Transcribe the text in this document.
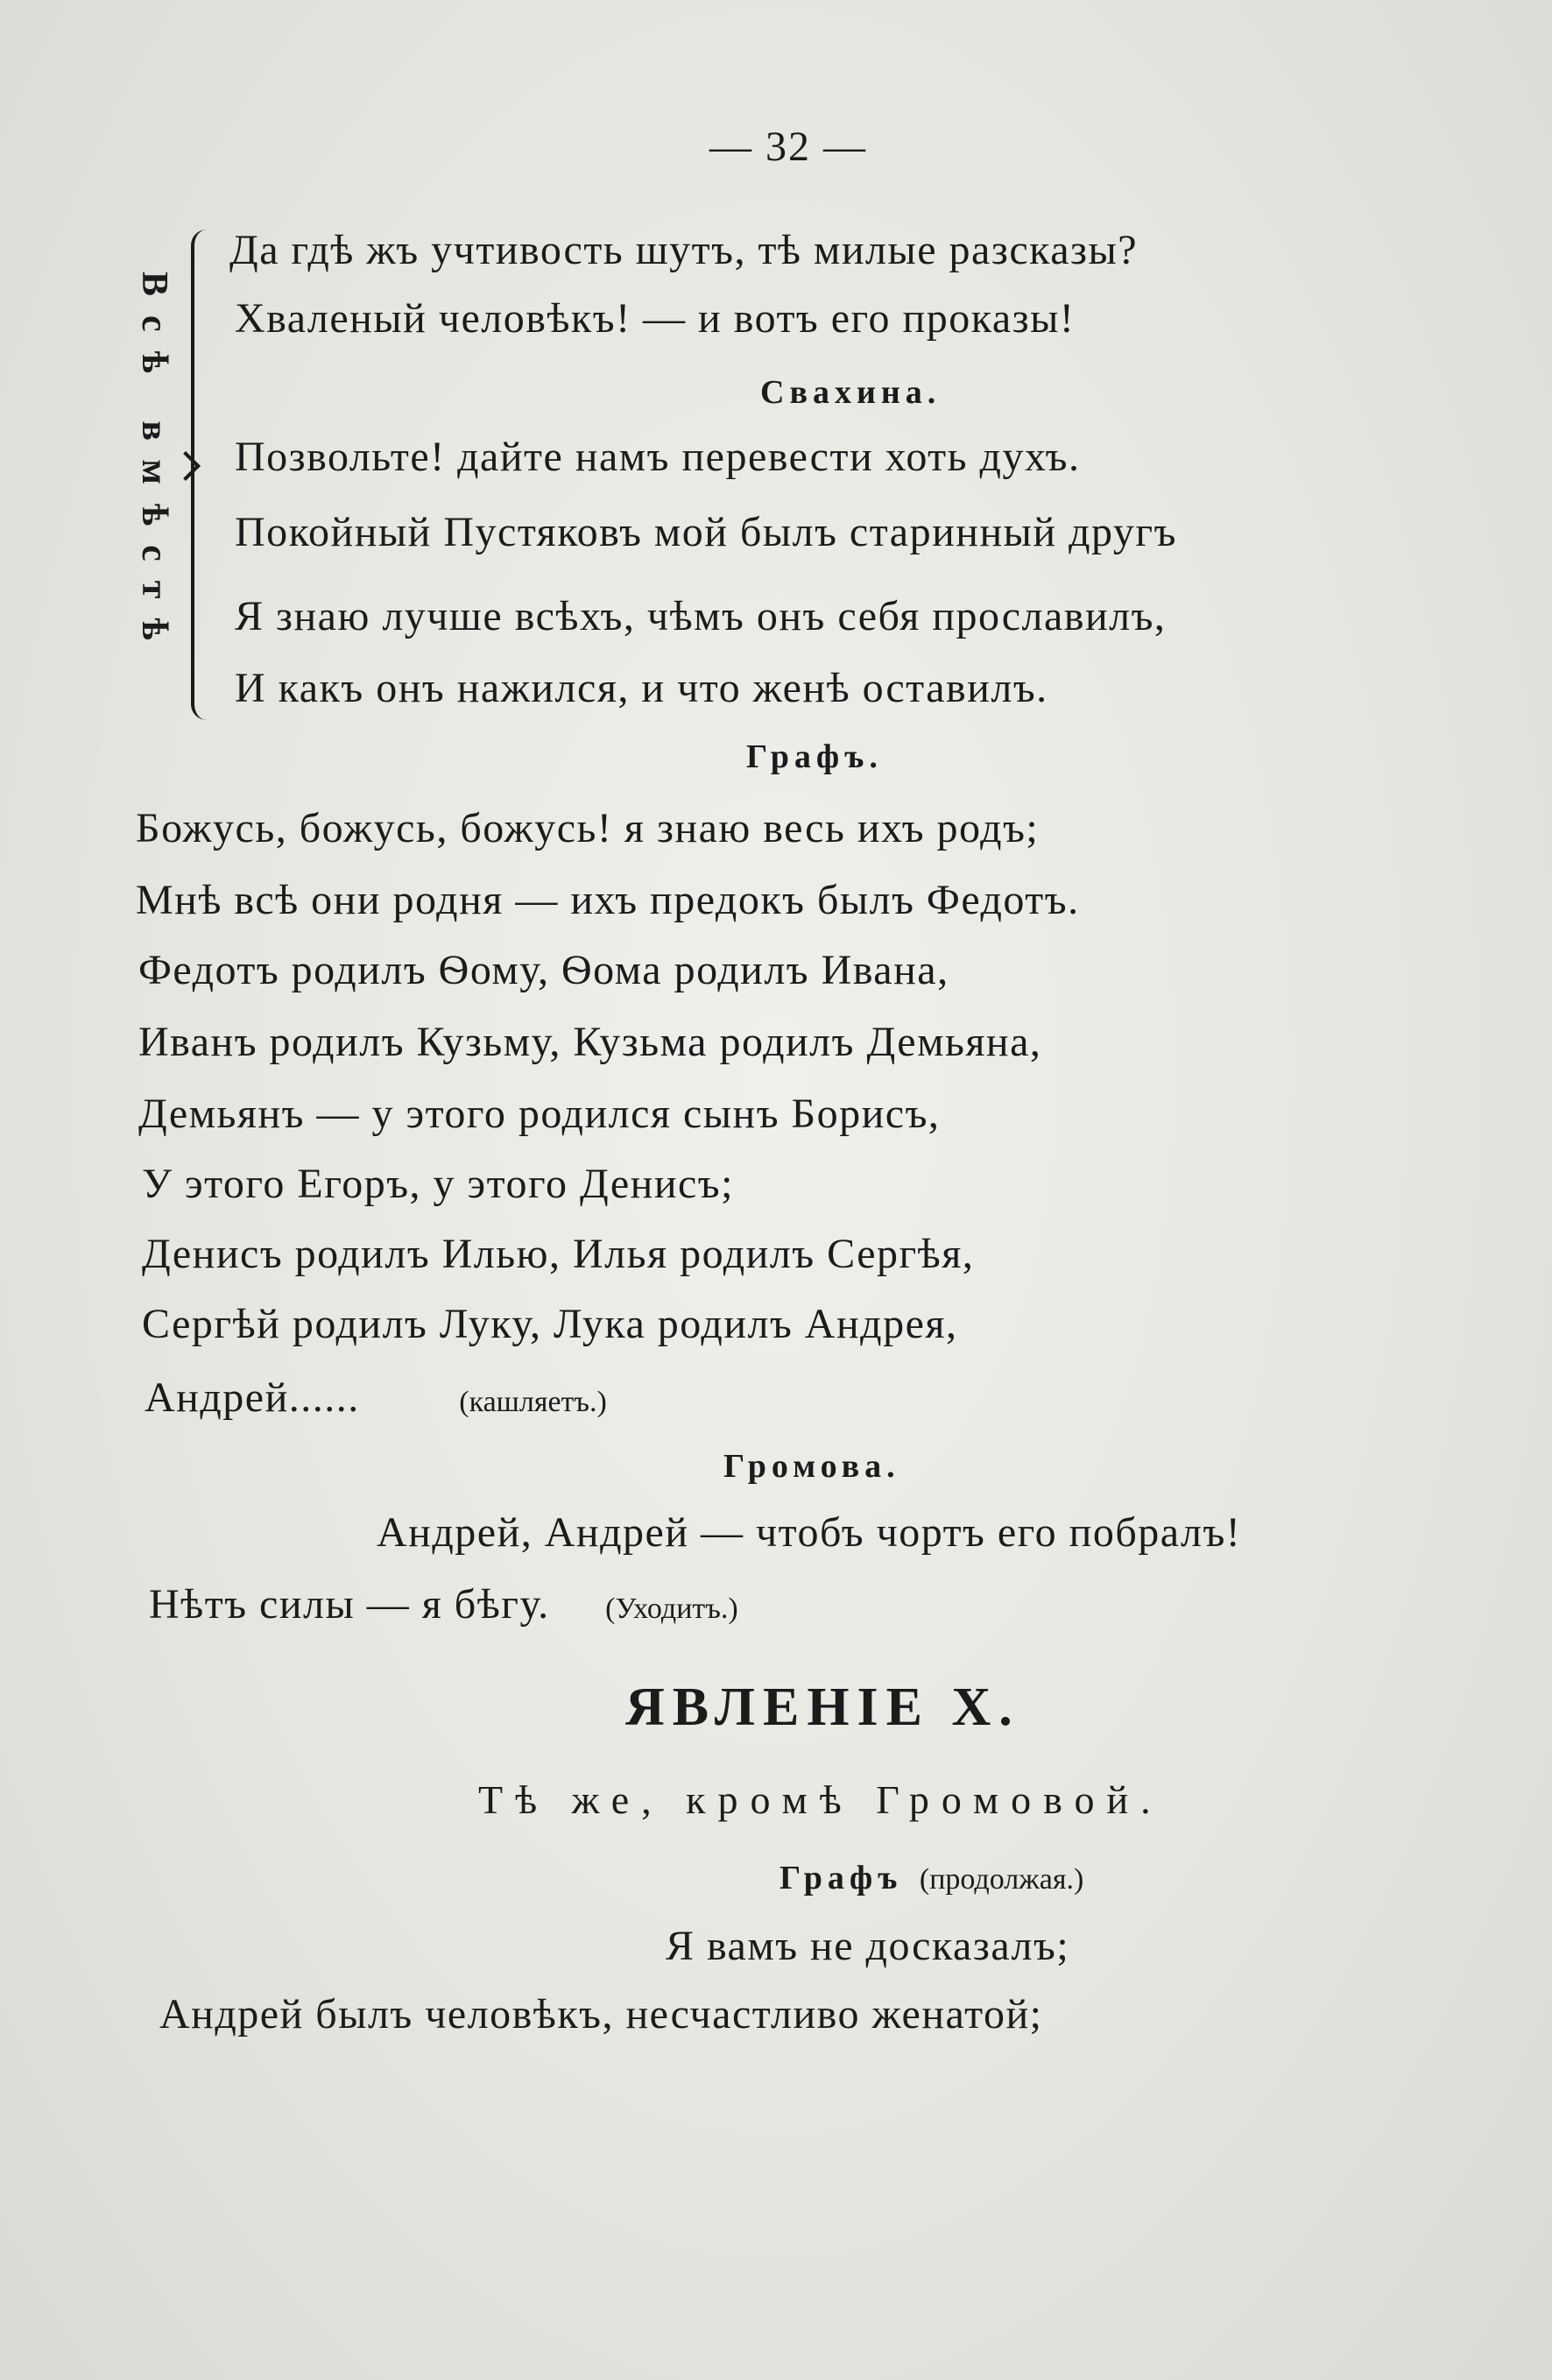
— 32 —
Всѣ вмѣстѣ
Да гдѣ жъ учтивость шутъ, тѣ милые разсказы?
Хваленый человѣкъ! — и вотъ его проказы!
Свахина.
Позвольте! дайте намъ перевести хоть духъ.
Покойный Пустяковъ мой былъ старинный другъ
Я знаю лучше всѣхъ, чѣмъ онъ себя прославилъ,
И какъ онъ нажился, и что женѣ оставилъ.
Графъ.
Божусь, божусь, божусь! я знаю весь ихъ родъ;
Мнѣ всѣ они родня — ихъ предокъ былъ Федотъ.
Федотъ родилъ Ѳому, Ѳома родилъ Ивана,
Иванъ родилъ Кузьму, Кузьма родилъ Демьяна,
Демьянъ — у этого родился сынъ Борисъ,
У этого Егоръ, у этого Денисъ;
Денисъ родилъ Илью, Илья родилъ Сергѣя,
Сергѣй родилъ Луку, Лука родилъ Андрея,
Андрей......	(кашляетъ.)
Громова.
Андрей, Андрей — чтобъ чортъ его побралъ!
Нѣтъ силы — я бѣгу. (Уходитъ.)
ЯВЛЕНІЕ X.
Тѣ же, кромѣ Громовой.
Графъ (продолжая.)
Я вамъ не досказалъ;
Андрей былъ человѣкъ, несчастливо женатой;
